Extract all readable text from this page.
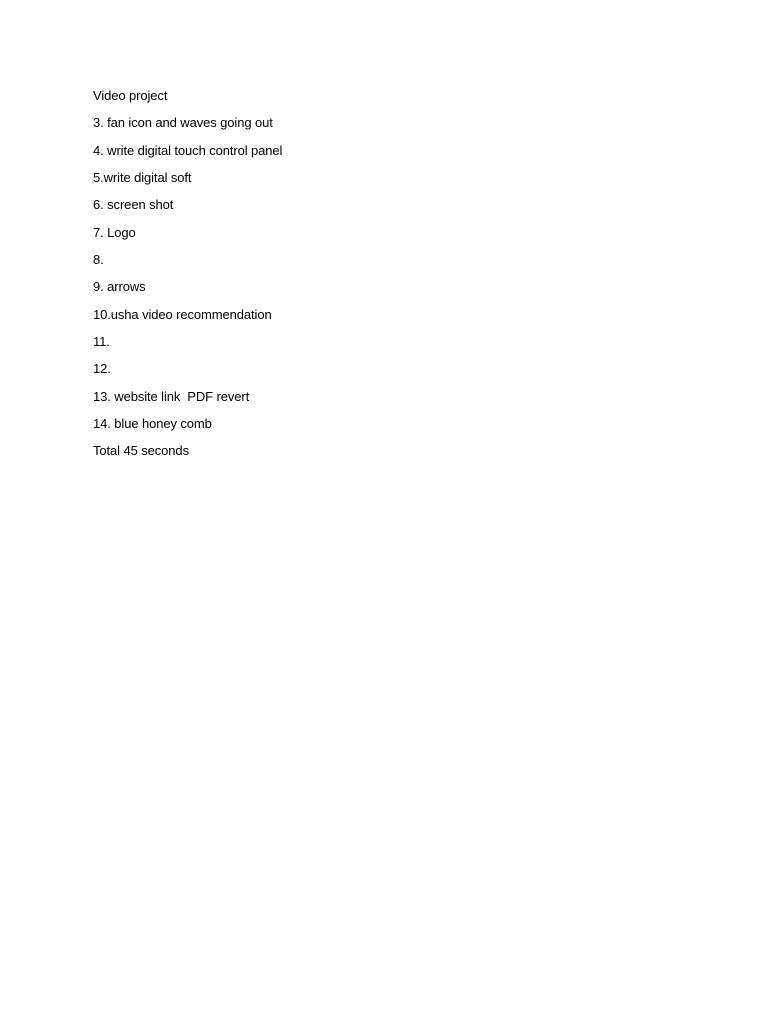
Video project
3. fan icon and waves going out
4. write digital touch control panel
5.write digital soft
6. screen shot
7. Logo
8.
9. arrows
10.usha video recommendation
11.
12.
13. website link  PDF revert
14. blue honey comb
Total 45 seconds
